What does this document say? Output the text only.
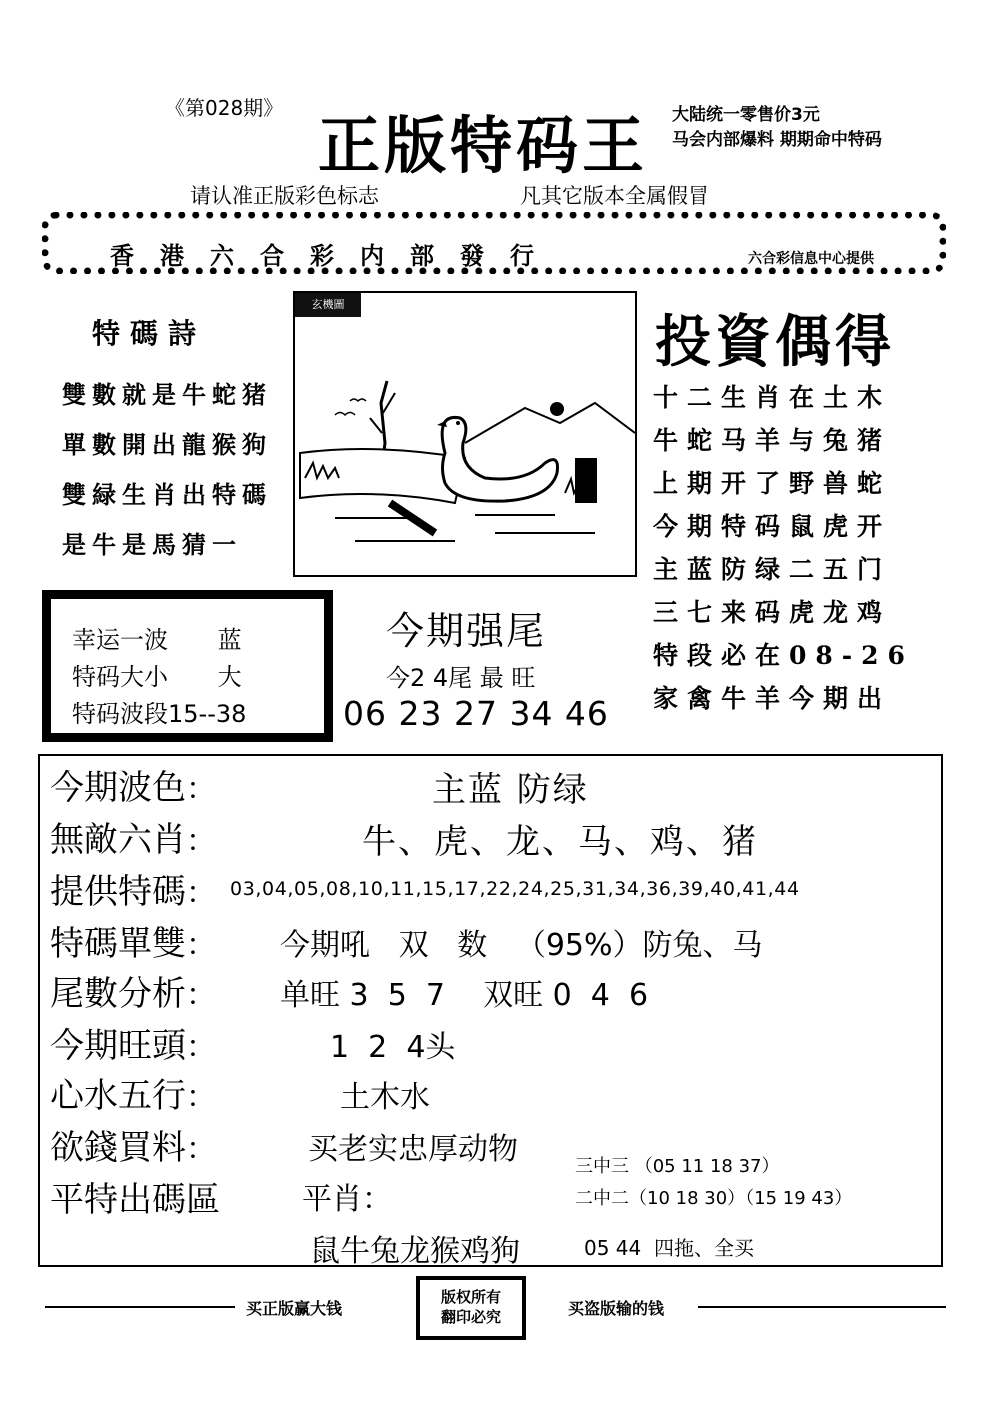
《第028期》
正版特码王 大陆统一零售价3元
马会内部爆料 期期命中特码
请认准正版彩色标志	凡其它版本全属假冒
香港六合彩内部發行	六合彩信息中心提供
特碼詩
雙數就是牛蛇猪
單數開出龍猴狗
雙緑生肖出特碼
是牛是馬猜一
玄機圖
投資偶得
十二生肖在土木
牛蛇马羊与兔猪
上期开了野兽蛇
今期特码鼠虎开
主蓝防绿二五门
三七来码虎龙鸡
特段必在08-26
家禽牛羊今期出
幸运一波 蓝
特码大小 大
特码波段15--38
今期强尾
今2 4尾 最 旺
06 23 27 34 46
今期波色：	主蓝 防绿
無敵六肖：	牛、虎、龙、马、鸡、猪
提供特碼： 03,04,05,08,10,11,15,17,22,24,25,31,34,36,39,40,41,44
特碼單雙： 今期吼   双   数   （95%）防兔、马
尾數分析： 单旺 3  5  7    双旺 0  4  6
今期旺頭：	1  2  4头
心水五行：	土木水
欲錢買料：	买老实忠厚动物
平特出碼區	平肖：
三中三 （05 11 18 37）
二中二（10 18 30）（15 19 43）
鼠牛兔龙猴鸡狗	05 44  四拖、全买
买正版赢大钱
版权所有
翻印必究	买盗版输的钱
